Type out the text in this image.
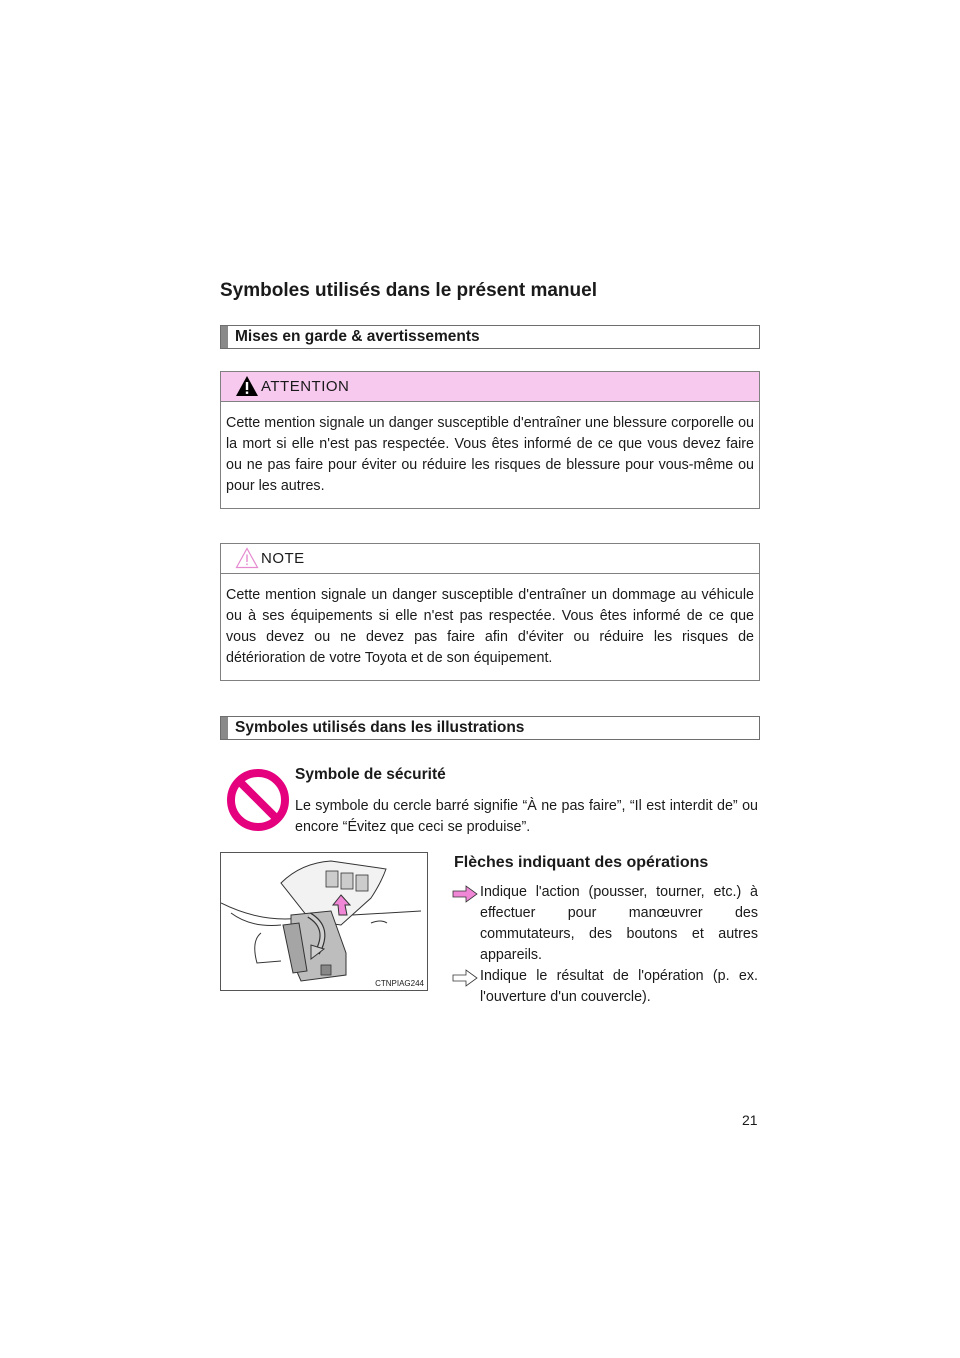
Symboles utilisés dans le présent manuel
Mises en garde & avertissements
ATTENTION
Cette mention signale un danger susceptible d'entraîner une blessure corporelle ou la mort si elle n'est pas respectée. Vous êtes informé de ce que vous devez faire ou ne pas faire pour éviter ou réduire les risques de blessure pour vous-même ou pour les autres.
NOTE
Cette mention signale un danger susceptible d'entraîner un dommage au véhicule ou à ses équipements si elle n'est pas respectée. Vous êtes informé de ce que vous devez ou ne devez pas faire afin d'éviter ou réduire les risques de détérioration de votre Toyota et de son équipement.
Symboles utilisés dans les illustrations
Symbole de sécurité
Le symbole du cercle barré signifie “À ne pas faire”, “Il est interdit de” ou encore “Évitez que ceci se produise”.
CTNPIAG244
Flèches indiquant des opérations
Indique l'action (pousser, tourner, etc.) à effectuer pour manœuvrer des commutateurs, des boutons et autres appareils.
Indique le résultat de l'opération (p. ex. l'ouverture d'un couvercle).
21
